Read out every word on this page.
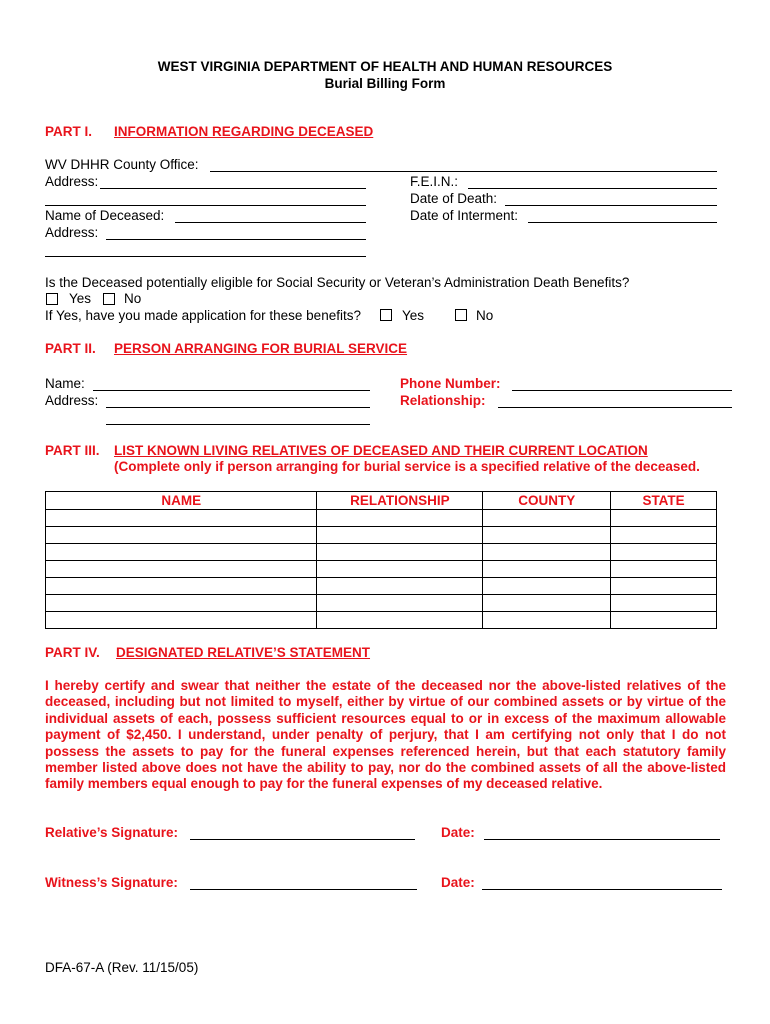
WEST VIRGINIA DEPARTMENT OF HEALTH AND HUMAN RESOURCES
Burial Billing Form
PART I. INFORMATION REGARDING DECEASED
WV DHHR County Office:
Address:	F.E.I.N.:
Date of Death:
Name of Deceased:	Date of Interment:
Address:
Is the Deceased potentially eligible for Social Security or Veteran’s Administration Death Benefits?
Yes No
If Yes, have you made application for these benefits?	Yes	No
PART II. PERSON ARRANGING FOR BURIAL SERVICE
Name:	Phone Number:
Address:	Relationship:
PART III. LIST KNOWN LIVING RELATIVES OF DECEASED AND THEIR CURRENT LOCATION
(Complete only if person arranging for burial service is a specified relative of the deceased.
NAME	RELATIONSHIP	COUNTY	STATE

PART IV. DESIGNATED RELATIVE’S STATEMENT
I hereby certify and swear that neither the estate of the deceased nor the above-listed relatives of the deceased, including but not limited to myself, either by virtue of our combined assets or by virtue of the individual assets of each, possess sufficient resources equal to or in excess of the maximum allowable payment of $2,450. I understand, under penalty of perjury, that I am certifying not only that I do not possess the assets to pay for the funeral expenses referenced herein, but that each statutory family member listed above does not have the ability to pay, nor do the combined assets of all the above-listed family members equal enough to pay for the funeral expenses of my deceased relative.
Relative’s Signature:	Date:
Witness’s Signature:	Date:
DFA-67-A (Rev. 11/15/05)
